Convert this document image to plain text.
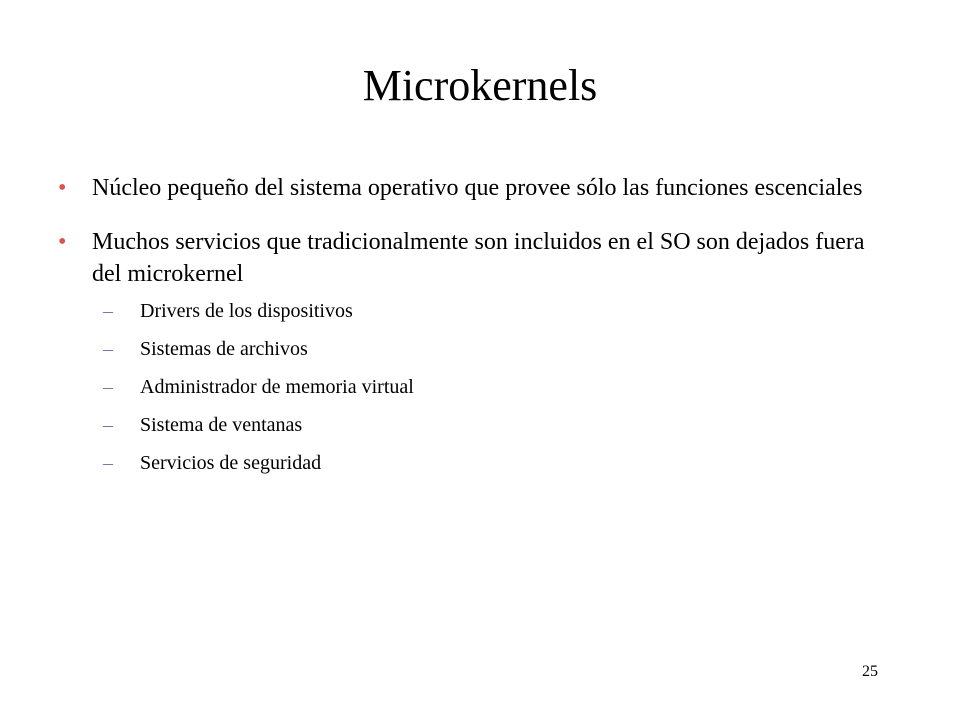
Microkernels
•	Núcleo pequeño del sistema operativo que provee sólo las funciones escenciales
•	Muchos servicios que tradicionalmente son incluidos en el SO son dejados fuera del microkernel
– Drivers de los dispositivos
– Sistemas de archivos
– Administrador de memoria virtual
– Sistema de ventanas
– Servicios de seguridad
25
